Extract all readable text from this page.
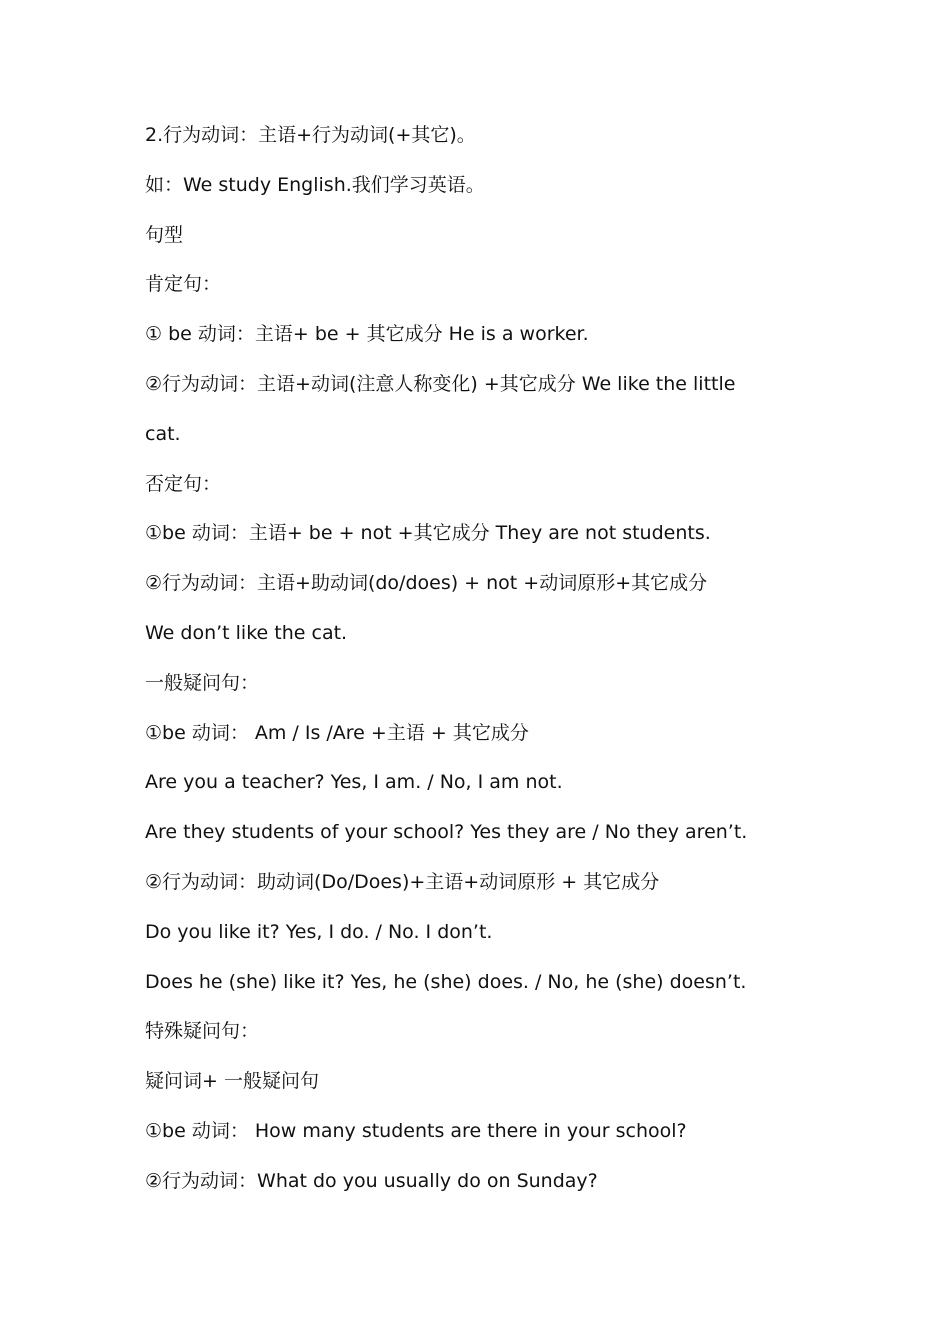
2.行为动词：主语+行为动词(+其它)。

如：We study English.我们学习英语。

句型

肯定句：

① be 动词：主语+ be + 其它成分 He is a worker.

②行为动词：主语+动词(注意人称变化) +其它成分 We like the little

cat.

否定句：

①be 动词：主语+ be + not +其它成分 They are not students.

②行为动词：主语+助动词(do/does) + not +动词原形+其它成分

We don’t like the cat.

一般疑问句：

①be 动词： Am / Is /Are +主语 + 其它成分

Are you a teacher? Yes, I am. / No, I am not.

Are they students of your school? Yes they are / No they aren’t.

②行为动词：助动词(Do/Does)+主语+动词原形 + 其它成分

Do you like it? Yes, I do. / No. I don’t.

Does he (she) like it? Yes, he (she) does. / No, he (she) doesn’t.

特殊疑问句：

疑问词+ 一般疑问句

①be 动词： How many students are there in your school?

②行为动词：What do you usually do on Sunday?
